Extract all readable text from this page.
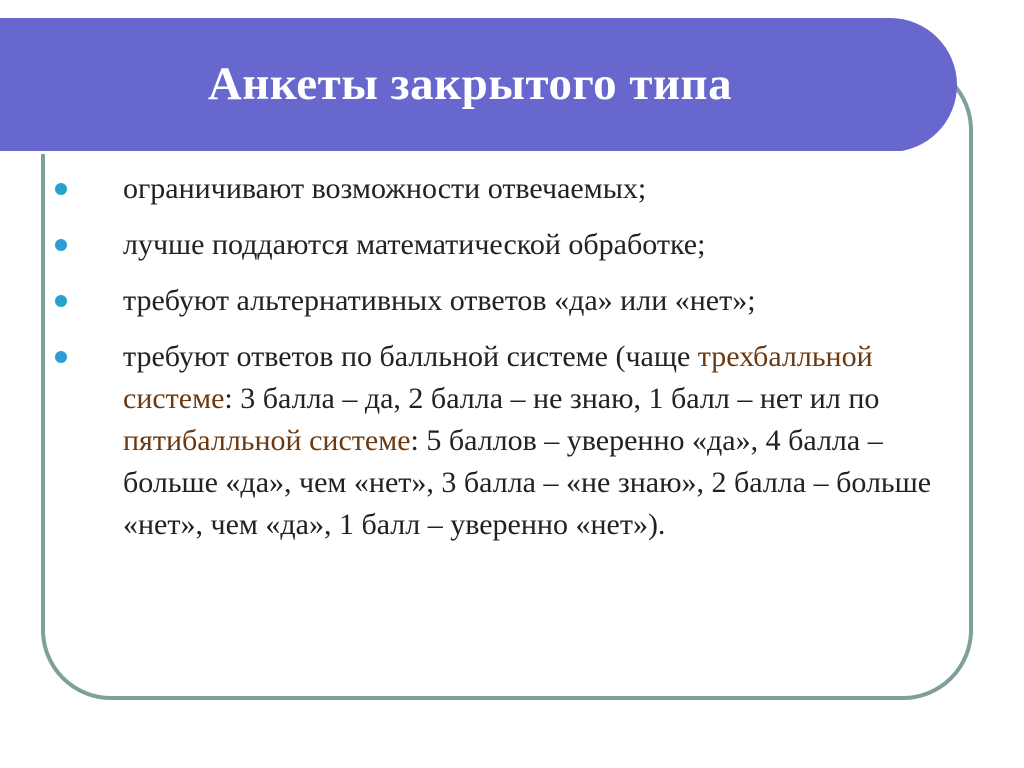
Анкеты закрытого типа
ограничивают возможности отвечаемых;
лучше поддаются математической обработке;
требуют альтернативных ответов «да» или «нет»;
требуют ответов по балльной системе (чаще трехбалльной системе: 3 балла – да, 2 балла – не знаю, 1 балл – нет ил по пятибалльной системе: 5 баллов – уверенно «да», 4 балла – больше «да», чем «нет», 3 балла – «не знаю», 2 балла – больше «нет», чем «да», 1 балл – уверенно «нет»).
